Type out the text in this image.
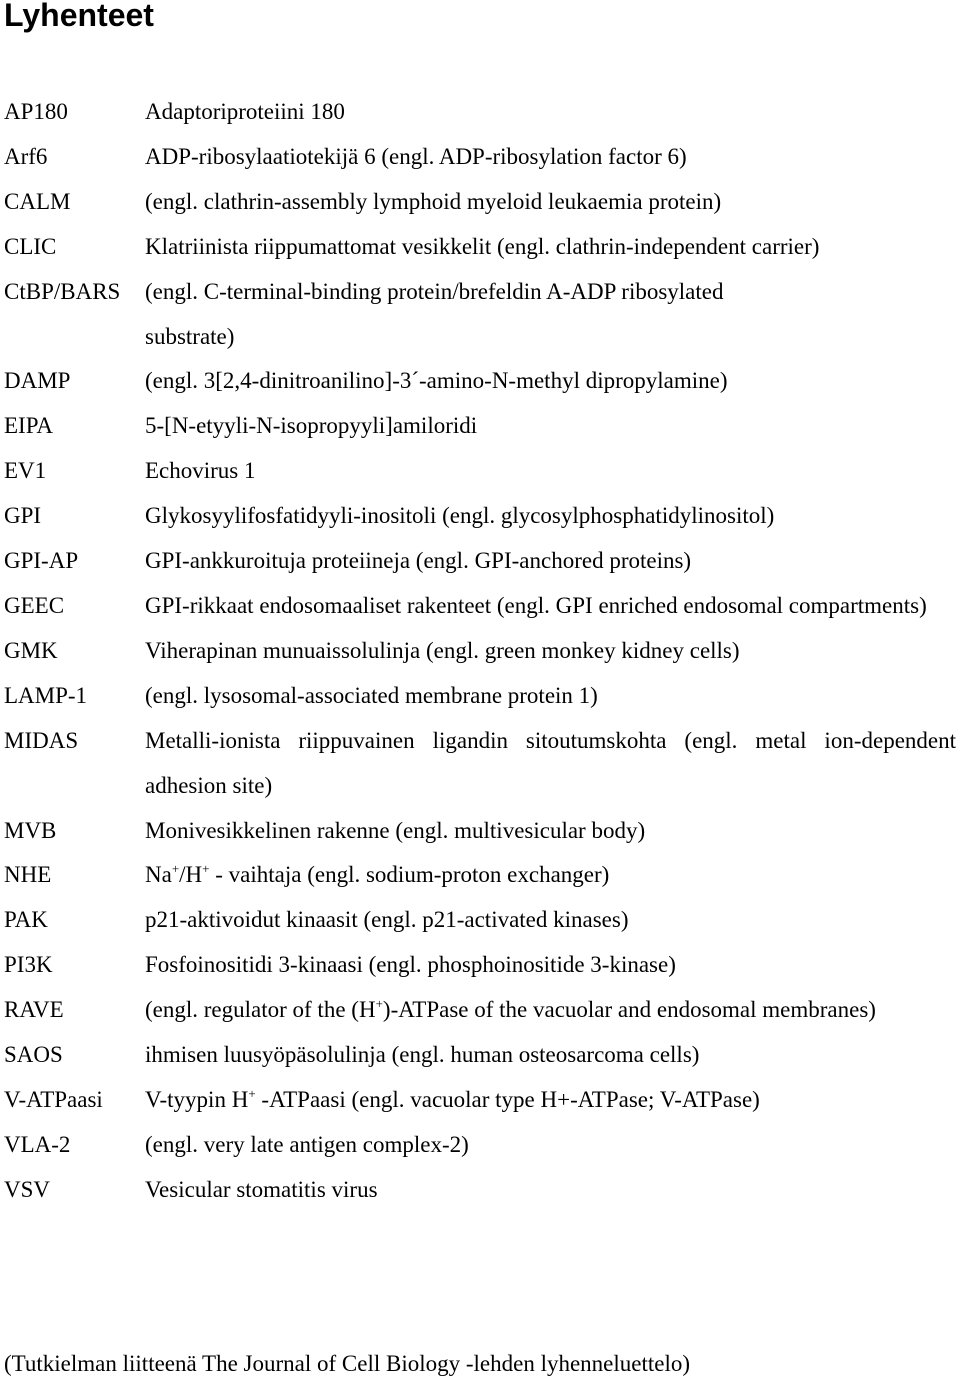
Lyhenteet
AP180	Adaptoriproteiini 180
Arf6	ADP-ribosylaatiotekijä 6 (engl. ADP-ribosylation factor 6)
CALM	(engl. clathrin-assembly lymphoid myeloid leukaemia protein)
CLIC	Klatriinista riippumattomat vesikkelit (engl. clathrin-independent carrier)
CtBP/BARS	(engl. C-terminal-binding protein/brefeldin A-ADP ribosylated substrate)
DAMP	(engl. 3[2,4-dinitroanilino]-3´-amino-N-methyl dipropylamine)
EIPA	5-[N-etyyli-N-isopropyyli]amiloridi
EV1	Echovirus 1
GPI	Glykosyylifosfatidyyli-inositoli (engl. glycosylphosphatidylinositol)
GPI-AP	GPI-ankkuroituja proteiineja (engl. GPI-anchored proteins)
GEEC	GPI-rikkaat endosomaaliset rakenteet (engl. GPI enriched endosomal compartments)
GMK	Viherapinan munuaissolulinja (engl. green monkey kidney cells)
LAMP-1	(engl. lysosomal-associated membrane protein 1)
MIDAS	Metalli-ionista riippuvainen ligandin sitoutumskohta (engl. metal ion-dependent adhesion site)
MVB	Monivesikkelinen rakenne (engl. multivesicular body)
NHE	Na+/H+ - vaihtaja (engl. sodium-proton exchanger)
PAK	p21-aktivoidut kinaasit (engl. p21-activated kinases)
PI3K	Fosfoinositidi 3-kinaasi (engl. phosphoinositide 3-kinase)
RAVE	(engl. regulator of the (H+)-ATPase of the vacuolar and endosomal membranes)
SAOS	ihmisen luusyöpäsolulinja (engl. human osteosarcoma cells)
V-ATPaasi	V-tyypin H+ -ATPaasi (engl. vacuolar type H+-ATPase; V-ATPase)
VLA-2	(engl. very late antigen complex-2)
VSV	Vesicular stomatitis virus

(Tutkielman liitteenä The Journal of Cell Biology -lehden lyhenneluettelo)
